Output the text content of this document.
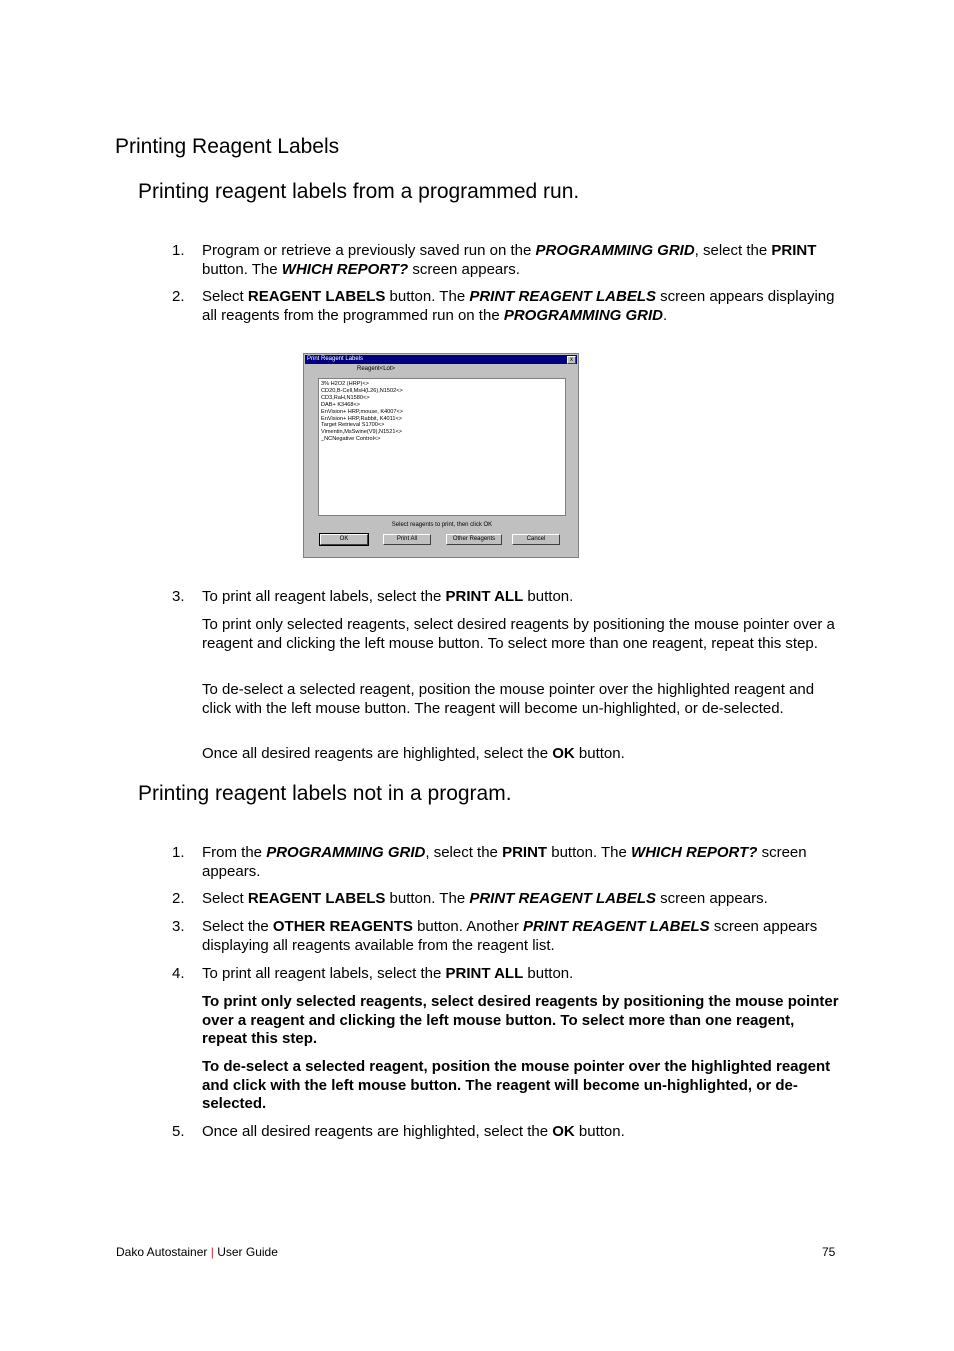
Printing Reagent Labels
Printing reagent labels from a programmed run.
1. Program or retrieve a previously saved run on the PROGRAMMING GRID, select the PRINT button. The WHICH REPORT? screen appears.
2. Select REAGENT LABELS button. The PRINT REAGENT LABELS screen appears displaying all reagents from the programmed run on the PROGRAMMING GRID.
Print Reagent Labels	x
Reagent<Lot>
3% H2O2 (HRP)<>
CD20,B-Cell,MsH(L26),N1502<>
CD3,RaH,N1580<>
DAB+ K3468<>
EnVision+ HRP,mouse, K4007<>
EnVision+ HRP,Rabbit, K4011<>
Target Retrieval S1700<>
Vimentin,MsSwine(V9),N1521<>
_NCNegative Control<>
Select reagents to print, then click OK
OK	Print All	Other Reagents	Cancel
3. To print all reagent labels, select the PRINT ALL button.
To print only selected reagents, select desired reagents by positioning the mouse pointer over a reagent and clicking the left mouse button. To select more than one reagent, repeat this step.
To de-select a selected reagent, position the mouse pointer over the highlighted reagent and click with the left mouse button. The reagent will become un-highlighted, or de-selected.
Once all desired reagents are highlighted, select the OK button.
Printing reagent labels not in a program.
1. From the PROGRAMMING GRID, select the PRINT button. The WHICH REPORT? screen appears.
2. Select REAGENT LABELS button. The PRINT REAGENT LABELS screen appears.
3. Select the OTHER REAGENTS button. Another PRINT REAGENT LABELS screen appears displaying all reagents available from the reagent list.
4. To print all reagent labels, select the PRINT ALL button.
To print only selected reagents, select desired reagents by positioning the mouse pointer over a reagent and clicking the left mouse button. To select more than one reagent, repeat this step.
To de-select a selected reagent, position the mouse pointer over the highlighted reagent and click with the left mouse button. The reagent will become un-highlighted, or de-selected.
5. Once all desired reagents are highlighted, select the OK button.
Dako Autostainer | User Guide	75
